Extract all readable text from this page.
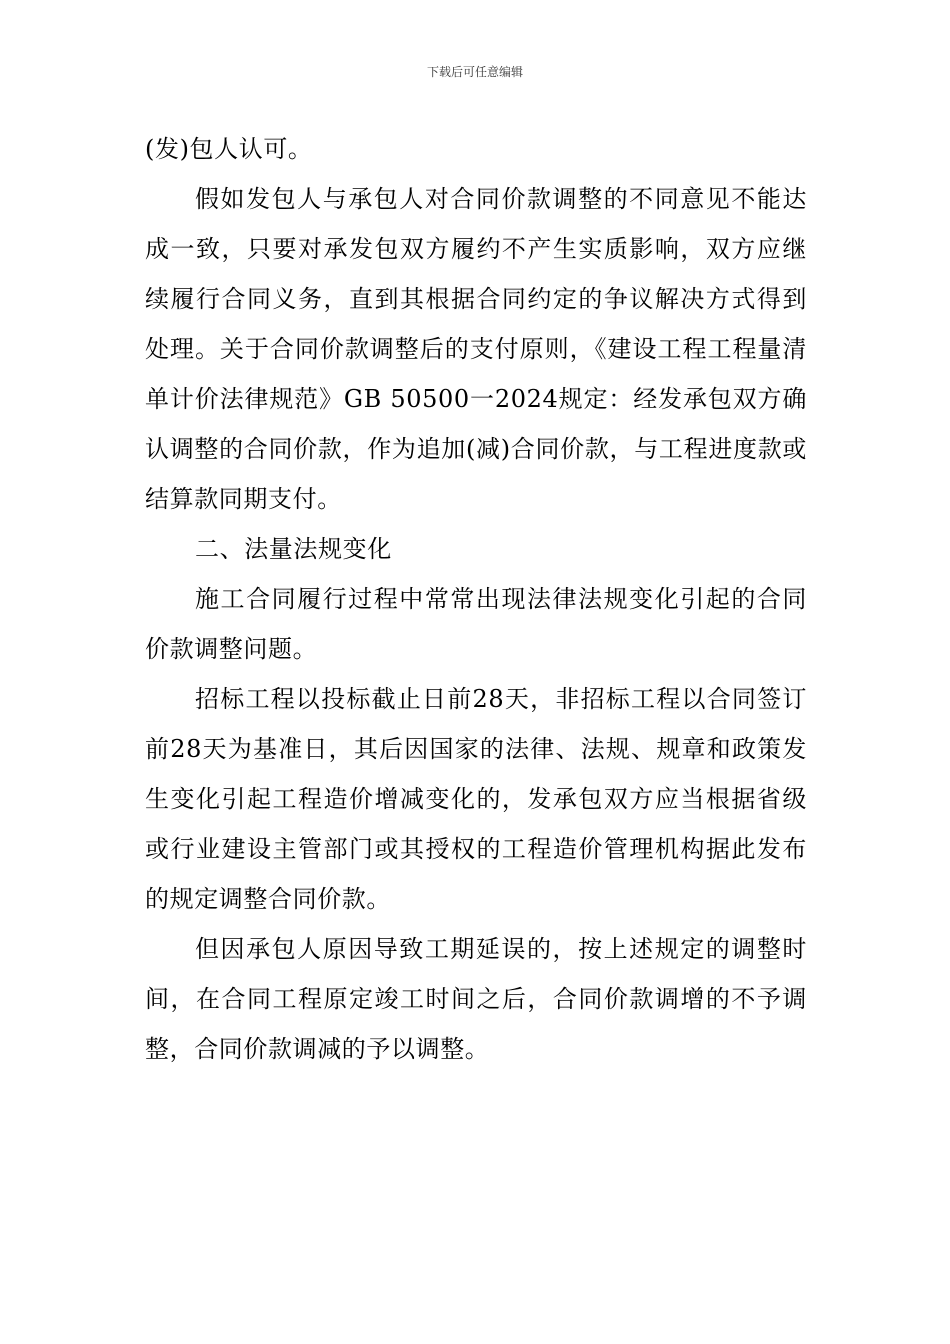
下载后可任意编辑

(发)包人认可。

假如发包人与承包人对合同价款调整的不同意见不能达成一致，只要对承发包双方履约不产生实质影响，双方应继续履行合同义务，直到其根据合同约定的争议解决方式得到处理。关于合同价款调整后的支付原则，《建设工程工程量清单计价法律规范》GB 50500一2024规定：经发承包双方确认调整的合同价款，作为追加(减)合同价款，与工程进度款或结算款同期支付。

二、法量法规变化

施工合同履行过程中常常出现法律法规变化引起的合同价款调整问题。

招标工程以投标截止日前28天，非招标工程以合同签订前28天为基准日，其后因国家的法律、法规、规章和政策发生变化引起工程造价增减变化的，发承包双方应当根据省级或行业建设主管部门或其授权的工程造价管理机构据此发布的规定调整合同价款。

但因承包人原因导致工期延误的，按上述规定的调整时间，在合同工程原定竣工时间之后，合同价款调增的不予调整，合同价款调减的予以调整。
